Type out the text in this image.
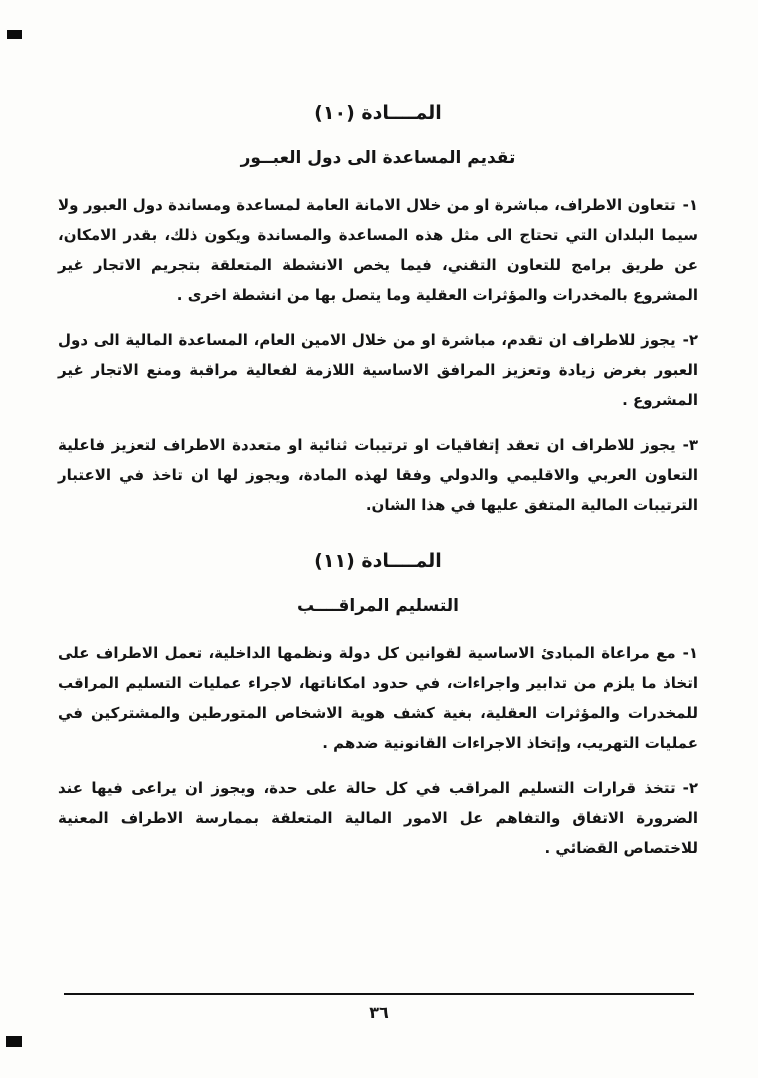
المــــادة (١٠)
تقديم المساعدة الى دول العبــور

١-تتعاون الاطراف، مباشرة او من خلال الامانة العامة لمساعدة ومساندة دول العبور ولا سيما البلدان التي تحتاج الى مثل هذه المساعدة والمساندة ويكون ذلك، بقدر الامكان، عن طريق برامج للتعاون التقني، فيما يخص الانشطة المتعلقة بتجريم الاتجار غير المشروع بالمخدرات والمؤثرات العقلية وما يتصل بها من انشطة اخرى .

٢-يجوز للاطراف ان تقدم، مباشرة او من خلال الامين العام، المساعدة المالية الى دول العبور بغرض زيادة وتعزيز المرافق الاساسية اللازمة لفعالية مراقبة ومنع الاتجار غير المشروع .

٣-يجوز للاطراف ان تعقد إتفاقيات او ترتيبات ثنائية او متعددة الاطراف لتعزيز فاعلية التعاون العربي والاقليمي والدولي وفقا لهذه المادة، ويجوز لها ان تاخذ في الاعتبار الترتيبات المالية المتفق عليها في هذا الشان.

المــــادة (١١)
التسليم المراقــــب

١-مع مراعاة المبادئ الاساسية لقوانين كل دولة ونظمها الداخلية، تعمل الاطراف على اتخاذ ما يلزم من تدابير واجراءات، في حدود امكاناتها، لاجراء عمليات التسليم المراقب للمخدرات والمؤثرات العقلية، بغية كشف هوية الاشخاص المتورطين والمشتركين في عمليات التهريب، وإتخاذ الاجراءات القانونية ضدهم .

٢-تتخذ قرارات التسليم المراقب في كل حالة على حدة، ويجوز ان يراعى فيها عند الضرورة الاتفاق والتفاهم عل الامور المالية المتعلقة بممارسة الاطراف المعنية للاختصاص القضائي .

٣٦
